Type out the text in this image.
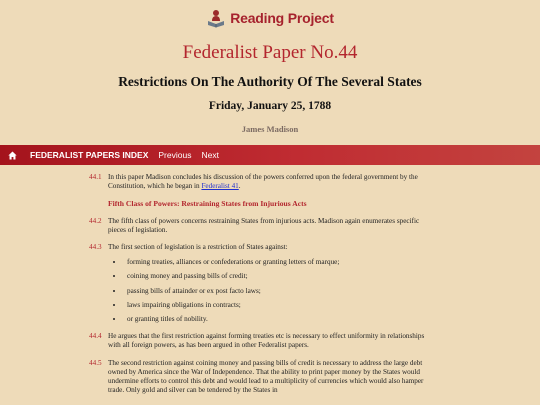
Reading Project
Federalist Paper No.44
Restrictions On The Authority Of The Several States
Friday, January 25, 1788
James Madison
FEDERALIST PAPERS INDEX Previous Next
44.1 In this paper Madison concludes his discussion of the powers conferred upon the federal government by the Constitution, which he began in Federalist 41.
Fifth Class of Powers: Restraining States from Injurious Acts
44.2 The fifth class of powers concerns restraining States from injurious acts. Madison again enumerates specific pieces of legislation.
44.3 The first section of legislation is a restriction of States against:
• forming treaties, alliances or confederations or granting letters of marque;
• coining money and passing bills of credit;
• passing bills of attainder or ex post facto laws;
• laws impairing obligations in contracts;
• or granting titles of nobility.
44.4 He argues that the first restriction against forming treaties etc is necessary to effect uniformity in relationships with all foreign powers, as has been argued in other Federalist papers.
44.5 The second restriction against coining money and passing bills of credit is necessary to address the large debt owned by America since the War of Independence. That the ability to print paper money by the States would undermine efforts to control this debt and would lead to a multiplicity of currencies which would also hamper trade. Only gold and silver can be tendered by the States in
